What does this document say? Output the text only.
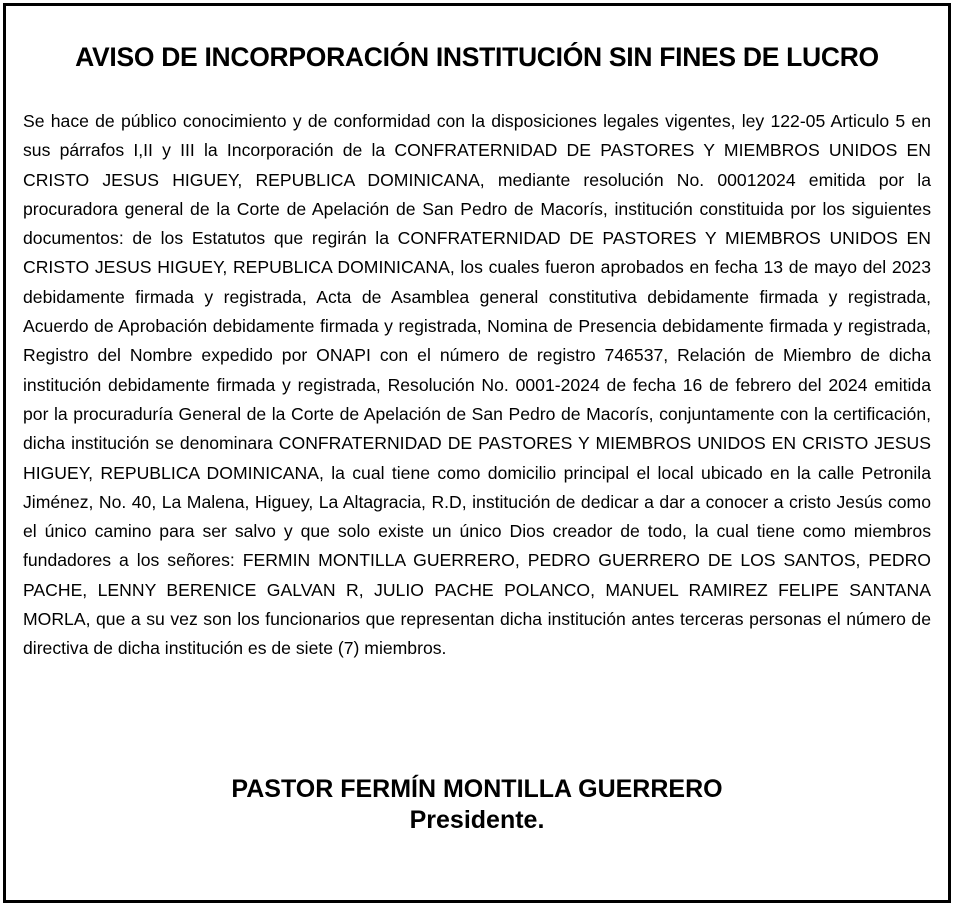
AVISO DE INCORPORACIÓN INSTITUCIÓN SIN FINES DE LUCRO

Se hace de público conocimiento y de conformidad con la disposiciones legales vigentes, ley 122-05 Articulo 5 en sus párrafos I,II y III la Incorporación de la CONFRATERNIDAD DE PASTORES Y MIEMBROS UNIDOS EN CRISTO JESUS HIGUEY, REPUBLICA DOMINICANA, mediante resolución No. 00012024 emitida por la procuradora general de la Corte de Apelación de San Pedro de Macorís, institución constituida por los siguientes documentos: de los Estatutos que regirán la CONFRATERNIDAD DE PASTORES Y MIEMBROS UNIDOS EN CRISTO JESUS HIGUEY, REPUBLICA DOMINICANA, los cuales fueron aprobados en fecha 13 de mayo del 2023 debidamente firmada y registrada, Acta de Asamblea general constitutiva debidamente firmada y registrada, Acuerdo de Aprobación debidamente firmada y registrada, Nomina de Presencia debidamente firmada y registrada, Registro del Nombre expedido por ONAPI con el número de registro 746537, Relación de Miembro de dicha institución debidamente firmada y registrada, Resolución No. 0001-2024 de fecha 16 de febrero del 2024 emitida por la procuraduría General de la Corte de Apelación de San Pedro de Macorís, conjuntamente con la certificación, dicha institución se denominara CONFRATERNIDAD DE PASTORES Y MIEMBROS UNIDOS EN CRISTO JESUS HIGUEY, REPUBLICA DOMINICANA, la cual tiene como domicilio principal el local ubicado en la calle Petronila Jiménez, No. 40, La Malena, Higuey, La Altagracia, R.D, institución de dedicar a dar a conocer a cristo Jesús como el único camino para ser salvo y que solo existe un único Dios creador de todo, la cual tiene como miembros fundadores a los señores: FERMIN MONTILLA GUERRERO, PEDRO GUERRERO DE LOS SANTOS, PEDRO PACHE, LENNY BERENICE GALVAN R, JULIO PACHE POLANCO, MANUEL RAMIREZ FELIPE SANTANA MORLA, que a su vez son los funcionarios que representan dicha institución antes terceras personas el número de directiva de dicha institución es de siete (7) miembros.

PASTOR FERMÍN MONTILLA GUERRERO
Presidente.
